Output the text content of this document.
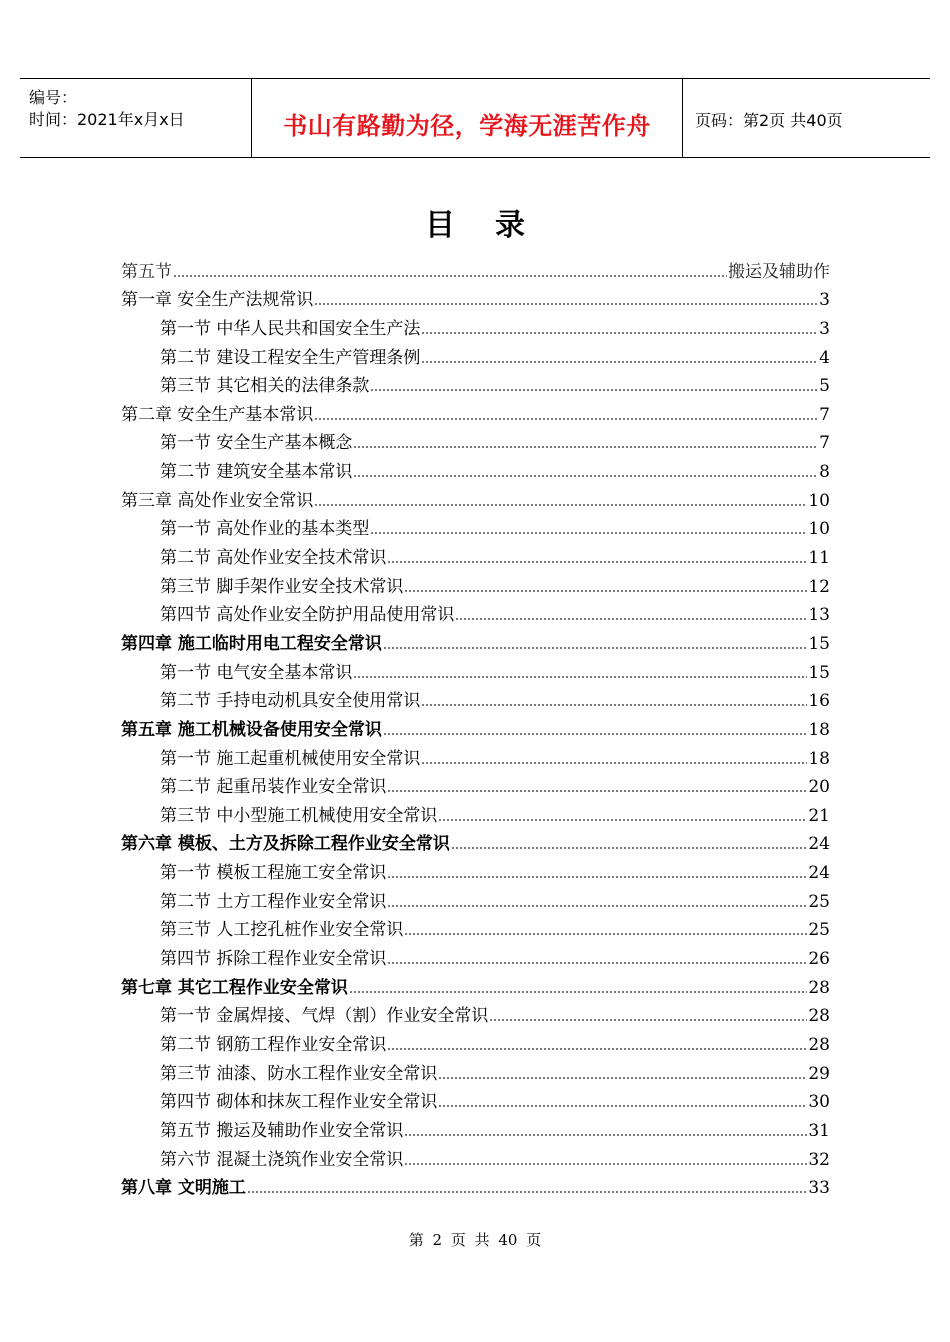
编号：
时间：2021年x月x日	书山有路勤为径，学海无涯苦作舟	页码：第2页 共40页
目录
第五节	搬运及辅助作
第一章 安全生产法规常识	3
第一节 中华人民共和国安全生产法	3
第二节 建设工程安全生产管理条例	4
第三节 其它相关的法律条款	5
第二章 安全生产基本常识	7
第一节 安全生产基本概念	7
第二节 建筑安全基本常识	8
第三章 高处作业安全常识	10
第一节 高处作业的基本类型	10
第二节 高处作业安全技术常识	11
第三节 脚手架作业安全技术常识	12
第四节 高处作业安全防护用品使用常识	13
第四章 施工临时用电工程安全常识	15
第一节 电气安全基本常识	15
第二节 手持电动机具安全使用常识	16
第五章 施工机械设备使用安全常识	18
第一节 施工起重机械使用安全常识	18
第二节 起重吊装作业安全常识	20
第三节 中小型施工机械使用安全常识	21
第六章 模板、土方及拆除工程作业安全常识	24
第一节 模板工程施工安全常识	24
第二节 土方工程作业安全常识	25
第三节 人工挖孔桩作业安全常识	25
第四节 拆除工程作业安全常识	26
第七章 其它工程作业安全常识	28
第一节 金属焊接、气焊（割）作业安全常识	28
第二节 钢筋工程作业安全常识	28
第三节 油漆、防水工程作业安全常识	29
第四节 砌体和抹灰工程作业安全常识	30
第五节 搬运及辅助作业安全常识	31
第六节 混凝土浇筑作业安全常识	32
第八章 文明施工	33
第 2 页 共 40 页
